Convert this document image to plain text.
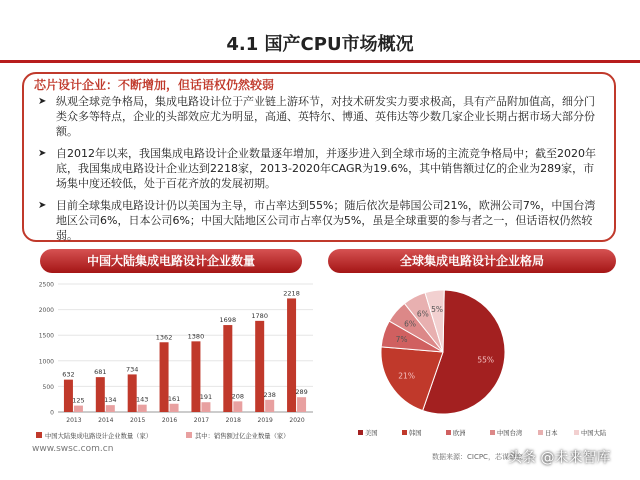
4.1 国产CPU市场概况
芯片设计企业：不断增加，但话语权仍然较弱
➤ 纵观全球竞争格局，集成电路设计位于产业链上游环节，对技术研发实力要求极高，具有产品附加值高，细分门类众多等特点，企业的头部效应尤为明显，高通、英特尔、博通、英伟达等少数几家企业长期占据市场大部分份额。
➤ 自2012年以来，我国集成电路设计企业数量逐年增加，并逐步进入到全球市场的主流竞争格局中；截至2020年底，我国集成电路设计企业达到2218家，2013-2020年CAGR为19.6%，其中销售额过亿的企业为289家，市场集中度还较低，处于百花齐放的发展初期。
➤ 目前全球集成电路设计仍以美国为主导，市占率达到55%；随后依次是韩国公司21%，欧洲公司7%，中国台湾地区公司6%，日本公司6%；中国大陆地区公司市占率仅为5%，虽是全球重要的参与者之一，但话语权仍然较弱。
中国大陆集成电路设计企业数量	全球集成电路设计企业格局
0
500
1000
1500
2000
2500
632
125
2013
681
134
2014
734
143
2015
1362
161
2016
1380
191
2017
1698
208
2018
1780
238
2019
2218
289
2020
中国大陆集成电路设计企业数量（家）	其中：销售额过亿企业数量（家）
55%
21%
7%
6%
6%
5%
美国	韩国	欧洲	中国台湾	日本	中国大陆
www.swsc.com.cn
数据来源：CICPC，芯谋研究
头条 @未来智库
